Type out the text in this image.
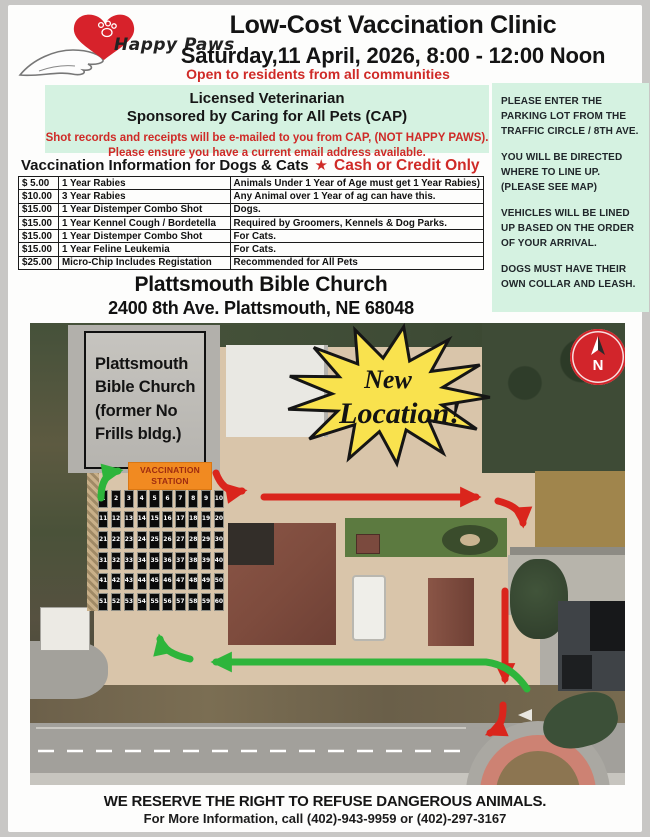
Happy Paws
Low-Cost Vaccination Clinic
Saturday,11 April, 2026, 8:00 - 12:00 Noon
Open to residents from all communities
Licensed Veterinarian
Sponsored by Caring for All Pets (CAP)
Shot records and receipts will be e-mailed to you from CAP, (NOT HAPPY PAWS).
Please ensure you have a current email address available.

PLEASE ENTER THE PARKING LOT FROM THE TRAFFIC CIRCLE / 8TH AVE.

YOU WILL BE DIRECTED WHERE TO LINE UP. (PLEASE SEE MAP)

VEHICLES WILL BE LINED UP BASED ON THE ORDER OF YOUR ARRIVAL.

DOGS MUST HAVE THEIR OWN COLLAR AND LEASH.

Vaccination Information for Dogs & Cats ★ Cash or Credit Only
$ 5.00	1 Year Rabies	Animals Under 1 Year of Age must get 1 Year Rabies)
$10.00	3 Year Rabies	Any Animal over 1 Year of ag can have this.
$15.00	1 Year Distemper Combo Shot	Dogs.
$15.00	1 Year Kennel Cough / Bordetella	Required by Groomers, Kennels & Dog Parks.
$15.00	1 Year Distemper Combo Shot	For Cats.
$15.00	1 Year Feline Leukemia	For Cats.
$25.00	Micro-Chip Includes Registation	Recommended for All Pets
Plattsmouth Bible Church
2400 8th Ave. Plattsmouth, NE 68048
Plattsmouth
Bible Church
(former No
Frills bldg.)
VACCINATION
STATION
1	2	3	4	5	6	7	8	9	10
11 12 13 14 15 16 17 18 19 20
21 22 23 24 25 26 27 28 29 30
31 32 33 34 35 36 37 38 39 40
41 42 43 44 45 46 47 48 49 50
51 52 53 54 55 56 57 58 59 60
New
Location!
N
WE RESERVE THE RIGHT TO REFUSE DANGEROUS ANIMALS.
For More Information, call (402)-943-9959 or (402)-297-3167
